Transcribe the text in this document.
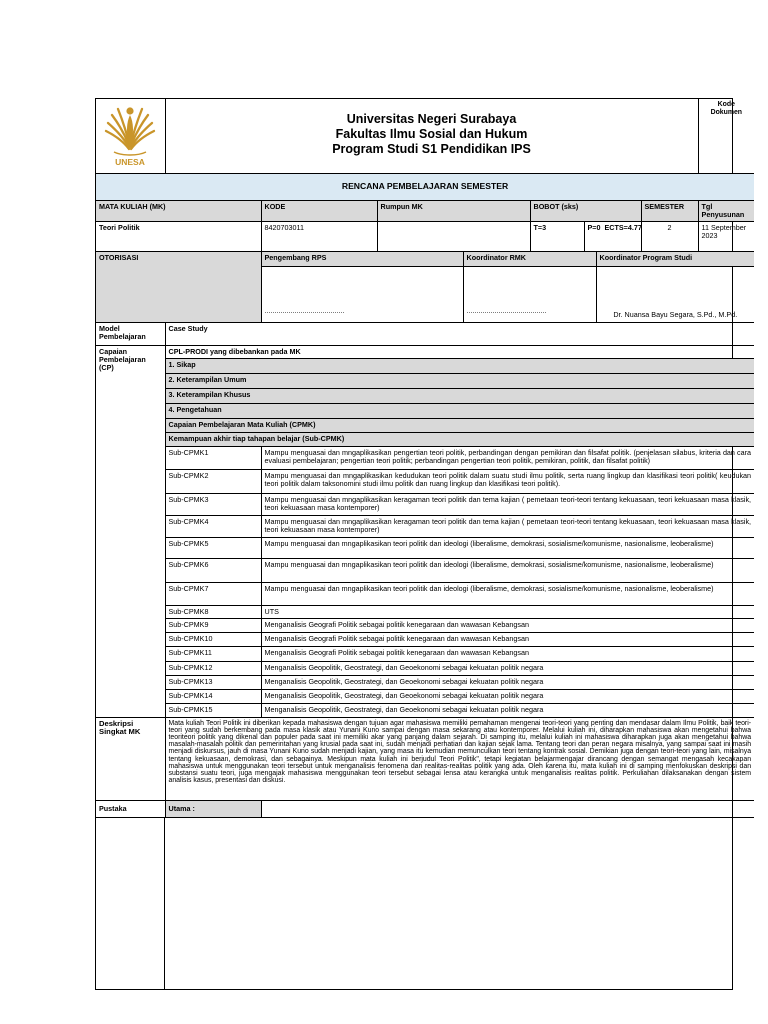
UNESA	Universitas Negeri Surabaya
Fakultas Ilmu Sosial dan Hukum
Program Studi S1 Pendidikan IPS								Kode Dokumen
RENCANA PEMBELAJARAN SEMESTER									
MATA KULIAH (MK)		KODE	Rumpun MK		BOBOT (sks)			SEMESTER	Tgl Penyusunan
Teori Politik		8420703011			T=3	P=0 ECTS=4.77		2	11 September 2023
OTORISASI		Pengembang RPS		Koordinator RMK			Koordinator Program Studi		
		........................................		........................................			Dr. Nuansa Bayu Segara, S.Pd., M.Pd.		
Model Pembelajaran	Case Study								
Capaian Pembelajaran (CP)	CPL-PRODI yang dibebankan pada MK								
	1. Sikap								
	2. Keterampilan Umum								
	3. Keterampilan Khusus								
	4. Pengetahuan								
	Capaian Pembelajaran Mata Kuliah (CPMK)								
	Kemampuan akhir tiap tahapan belajar (Sub-CPMK)								
	Sub-CPMK1	Mampu menguasai dan mngaplikasikan pengertian teori politik, perbandingan dengan pemikiran dan filsafat politik. (penjelasan silabus, kriteria dan cara evaluasi pembelajaran; pengertian teori politik; perbandingan pengertian teori politik, pemikiran, politik, dan filsafat politik)							
	Sub-CPMK2	Mampu menguasai dan mngaplikasikan kedudukan teori politik dalam suatu studi ilmu politik, serta ruang lingkup dan klasifikasi teori politik( keudukan teori politik dalam taksonomini studi ilmu politik dan ruang lingkup dan klasifikasi teori politik).							
	Sub-CPMK3	Mampu menguasai dan mngaplikasikan keragaman teori politik dan tema kajian ( pemetaan teori-teori tentang kekuasaan, teori kekuasaan masa klasik, teori kekuasaan masa kontemporer)							
	Sub-CPMK4	Mampu menguasai dan mngaplikasikan keragaman teori politik dan tema kajian ( pemetaan teori-teori tentang kekuasaan, teori kekuasaan masa klasik, teori kekuasaan masa kontemporer)							
	Sub-CPMK5	Mampu menguasai dan mngaplikasikan teori politik dan ideologi (liberalisme, demokrasi, sosialisme/komunisme, nasionalisme, leoberalisme)							
	Sub-CPMK6	Mampu menguasai dan mngaplikasikan teori politik dan ideologi (liberalisme, demokrasi, sosialisme/komunisme, nasionalisme, leoberalisme)							
	Sub-CPMK7	Mampu menguasai dan mngaplikasikan teori politik dan ideologi (liberalisme, demokrasi, sosialisme/komunisme, nasionalisme, leoberalisme)							
	Sub-CPMK8	UTS							
	Sub-CPMK9	Menganalisis Geografi Politik sebagai politik kenegaraan dan wawasan Kebangsan							
	Sub-CPMK10	Menganalisis Geografi Politik sebagai politik kenegaraan dan wawasan Kebangsan							
	Sub-CPMK11	Menganalisis Geografi Politik sebagai politik kenegaraan dan wawasan Kebangsan							
	Sub-CPMK12	Menganalisis Geopolitik, Geostrategi, dan Geoekonomi sebagai kekuatan politik negara							
	Sub-CPMK13	Menganalisis Geopolitik, Geostrategi, dan Geoekonomi sebagai kekuatan politik negara							
	Sub-CPMK14	Menganalisis Geopolitik, Geostrategi, dan Geoekonomi sebagai kekuatan politik negara							
	Sub-CPMK15	Menganalisis Geopolitik, Geostrategi, dan Geoekonomi sebagai kekuatan politik negara							
Deskripsi Singkat MK	Mata kuliah Teori Politik ini diberikan kepada mahasiswa dengan tujuan agar mahasiswa memiliki pemahaman mengenai teori-teori yang penting dan mendasar dalam Ilmu Politik, baik teori-teori yang sudah berkembang pada masa klasik atau Yunani Kuno sampai dengan masa sekarang atau kontemporer. Melalui kuliah ini, diharapkan mahasiswa akan mengetahui bahwa teoriteori politik yang dikenal dan populer pada saat ini memiliki akar yang panjang dalam sejarah. Di samping itu, melalui kuliah ini mahasiswa diharapkan juga akan mengetahui bahwa masalah-masalah politik dan pemerintahan yang krusial pada saat ini, sudah menjadi perhatian dan kajian sejak lama. Tentang teori dan peran negara misalnya, yang sampai saat ini masih menjadi diskursus, jauh di masa Yunani Kuno sudah menjadi kajian, yang masa itu kemudian memunculkan teori tentang kontrak sosial. Demikian juga dengan teori-teori yang lain, misalnya tentang kekuasaan, demokrasi, dan sebagainya. Meskipun mata kuliah ini berjudul Teori Politik", tetapi kegiatan belajarmengajar dirancang dengan semangat mengasah kecakapan mahasiswa untuk menggunakan teori tersebut untuk menganalisis fenomena dan realitas-realitas politik yang ada. Oleh karena itu, mata kuliah ini di samping menfokuskan deskripsi dan substansi suatu teori, juga mengajak mahasiswa menggunakan teori tersebut sebagai lensa atau kerangka untuk menganalisis realitas politik. Perkuliahan dilaksanakan dengan sistem analisis kasus, presentasi dan diskusi.								
Pustaka	Utama :								
